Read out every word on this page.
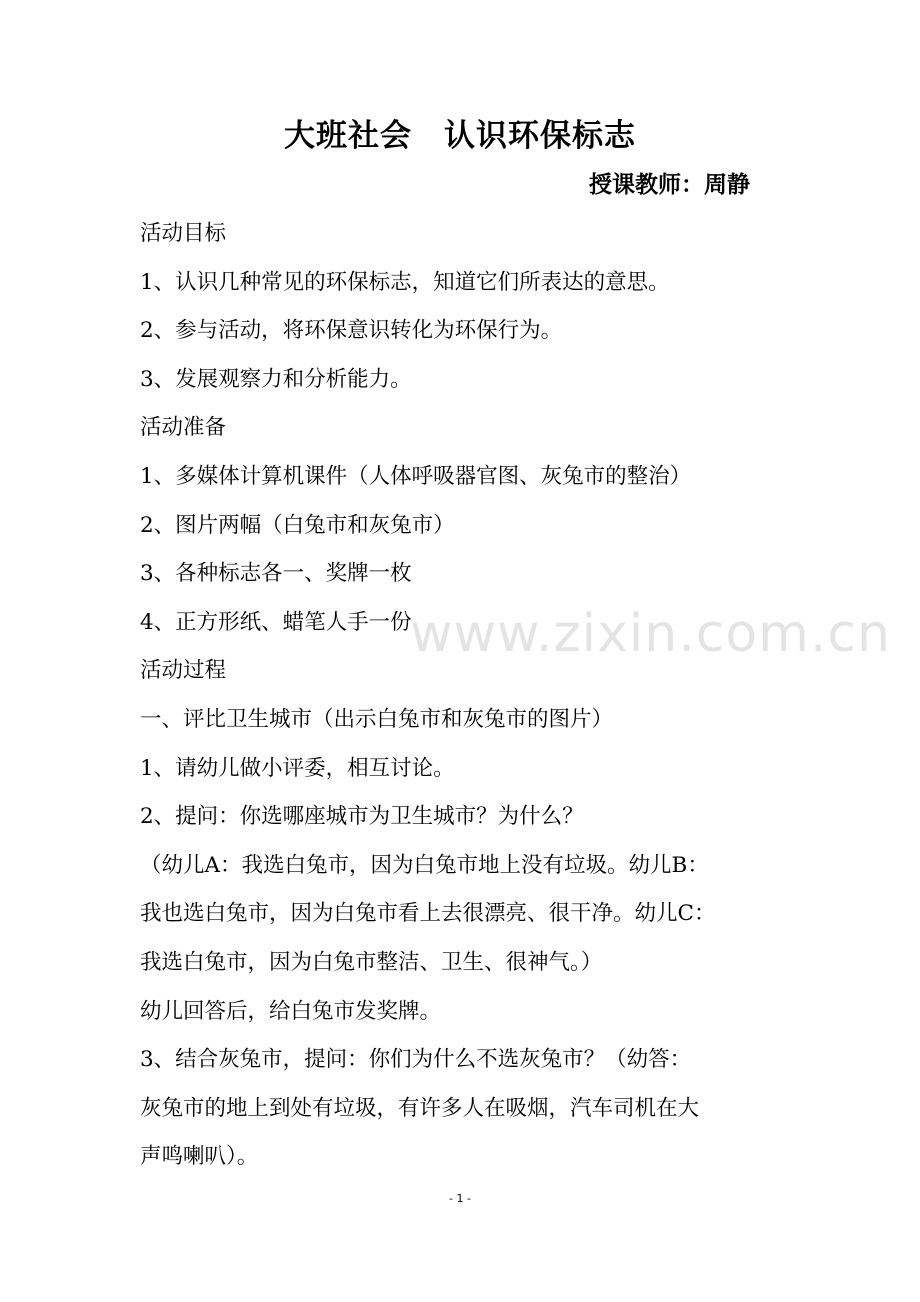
大班社会　认识环保标志
授课教师：周静
活动目标
1、认识几种常见的环保标志，知道它们所表达的意思。
2、参与活动，将环保意识转化为环保行为。
3、发展观察力和分析能力。
活动准备
1、多媒体计算机课件（人体呼吸器官图、灰兔市的整治）
2、图片两幅（白兔市和灰兔市）
3、各种标志各一、奖牌一枚
4、正方形纸、蜡笔人手一份
活动过程
一、评比卫生城市（出示白兔市和灰兔市的图片）
1、请幼儿做小评委，相互讨论。
2、提问：你选哪座城市为卫生城市？为什么？
（幼儿A：我选白兔市，因为白兔市地上没有垃圾。幼儿B：
我也选白兔市，因为白兔市看上去很漂亮、很干净。幼儿C：
我选白兔市，因为白兔市整洁、卫生、很神气。）
幼儿回答后，给白兔市发奖牌。
3、结合灰兔市，提问：你们为什么不选灰兔市？（幼答：
灰兔市的地上到处有垃圾，有许多人在吸烟，汽车司机在大
声鸣喇叭）。
www.zixin.com.cn
- 1 -
